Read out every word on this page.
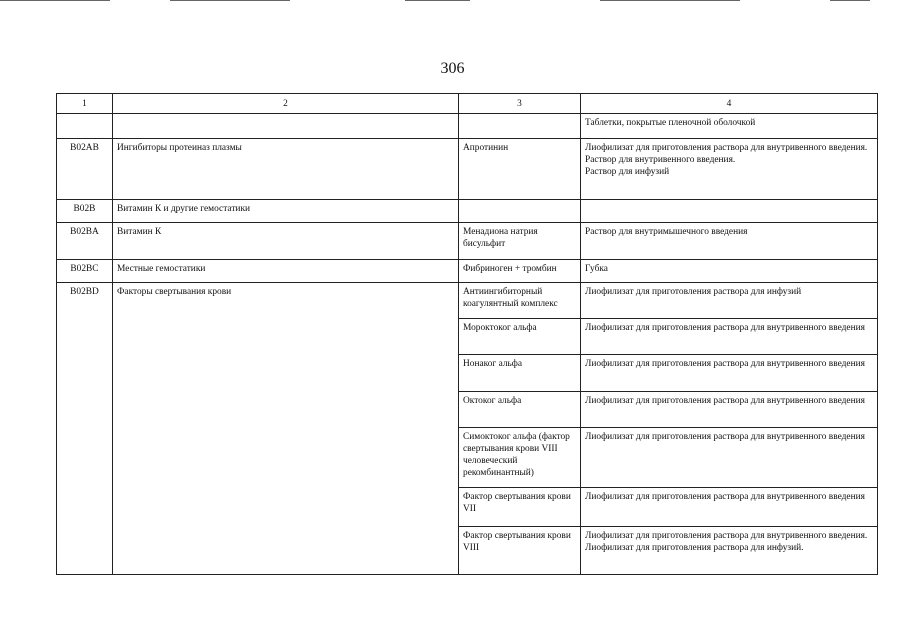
306
1	2	3	4

			Таблетки, покрытые пленочной оболочкой

B02AB	Ингибиторы протеиназ плазмы	Апротинин	Лиофилизат для приготовления раствора для внутривенного введения.
Раствор для внутривенного введения.
Раствор для инфузий

B02B	Витамин К и другие гемостатики		
B02BA	Витамин К	Менадиона натрия бисульфит	Раствор для внутримышечного введения

B02BC	Местные гемостатики	Фибриноген + тромбин	Губка

B02BD	Факторы свертывания крови	Антиингибиторный коагулянтный комплекс	Лиофилизат для приготовления раствора для инфузий

		Мороктоког альфа	Лиофилизат для приготовления раствора для внутривенного введения

		Нонаког альфа	Лиофилизат для приготовления раствора для внутривенного введения

		Октоког альфа	Лиофилизат для приготовления раствора для внутривенного введения

		Симоктоког альфа (фактор свертывания крови VIII человеческий рекомбинантный)	Лиофилизат для приготовления раствора для внутривенного введения

		Фактор свертывания крови VII	Лиофилизат для приготовления раствора для внутривенного введения

		Фактор свертывания крови VIII	Лиофилизат для приготовления раствора для внутривенного введения.
Лиофилизат для приготовления раствора для инфузий.
